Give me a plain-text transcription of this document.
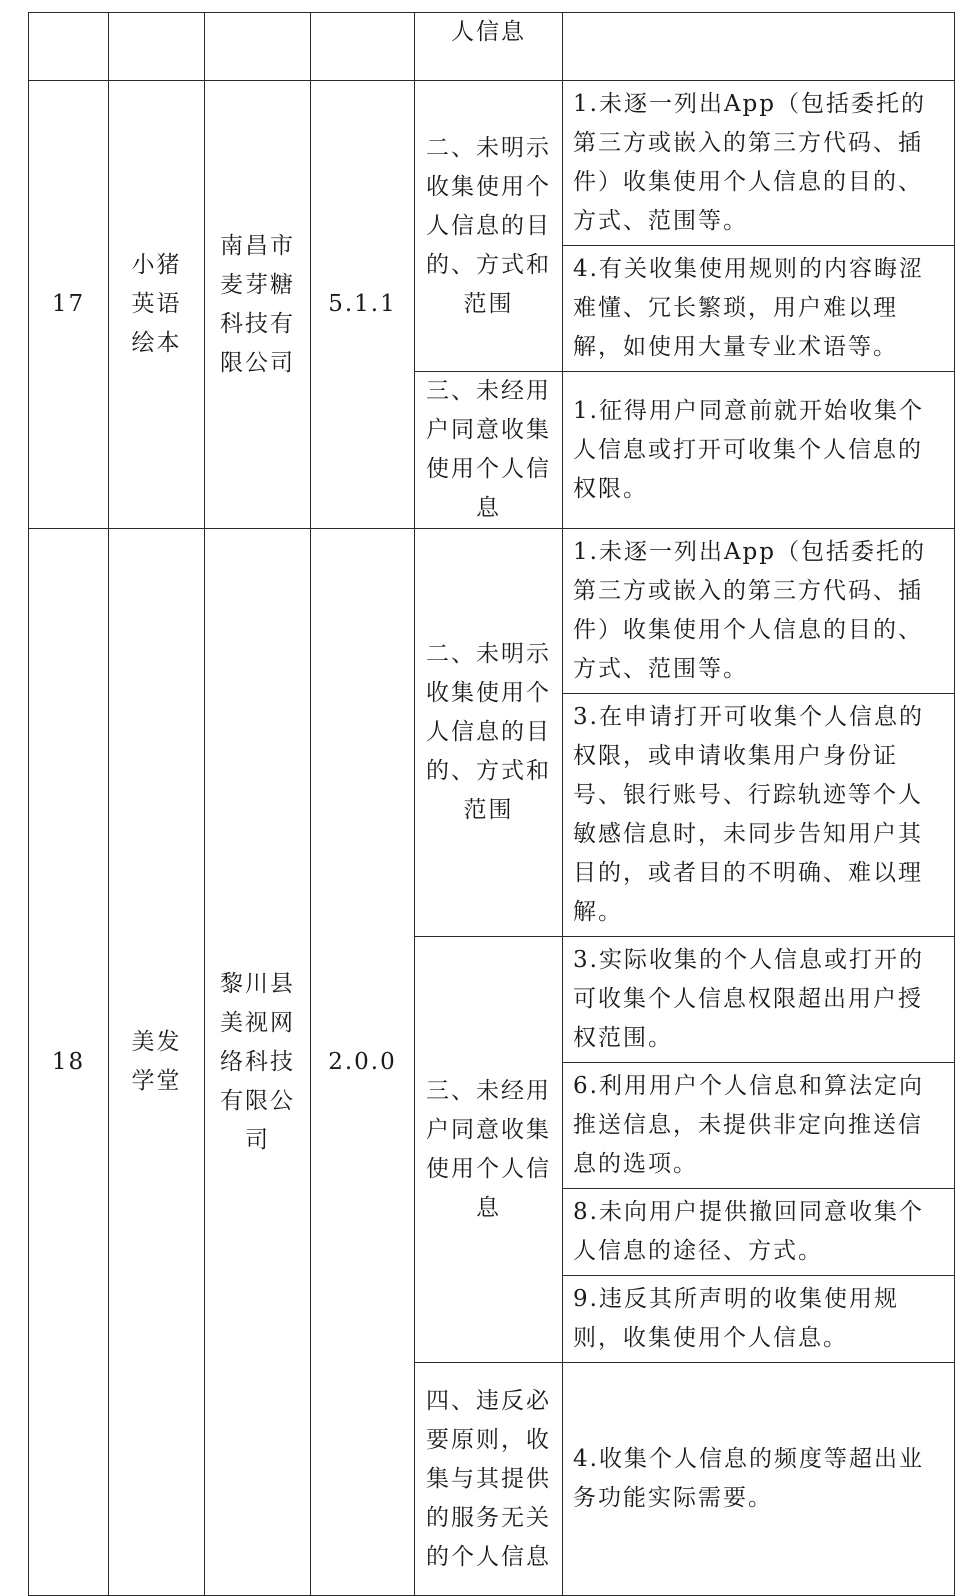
				人信息	
17	小猪英语绘本	南昌市麦芽糖科技有限公司	5.1.1	二、未明示收集使用个人信息的目的、方式和范围	1.未逐一列出App（包括委托的第三方或嵌入的第三方代码、插件）收集使用个人信息的目的、方式、范围等。
					4.有关收集使用规则的内容晦涩难懂、冗长繁琐，用户难以理解，如使用大量专业术语等。

				三、未经用户同意收集使用个人信息	1.征得用户同意前就开始收集个人信息或打开可收集个人信息的权限。
18	美发学堂	黎川县美视网络科技有限公司	2.0.0	二、未明示收集使用个人信息的目的、方式和范围	1.未逐一列出App（包括委托的第三方或嵌入的第三方代码、插件）收集使用个人信息的目的、方式、范围等。
					3.在申请打开可收集个人信息的权限，或申请收集用户身份证号、银行账号、行踪轨迹等个人敏感信息时，未同步告知用户其目的，或者目的不明确、难以理解。

				三、未经用户同意收集使用个人信息	3.实际收集的个人信息或打开的可收集个人信息权限超出用户授权范围。
					6.利用用户个人信息和算法定向推送信息，未提供非定向推送信息的选项。
					8.未向用户提供撤回同意收集个人信息的途径、方式。
					9.违反其所声明的收集使用规则，收集使用个人信息。

				四、违反必要原则，收集与其提供的服务无关的个人信息	4.收集个人信息的频度等超出业务功能实际需要。
